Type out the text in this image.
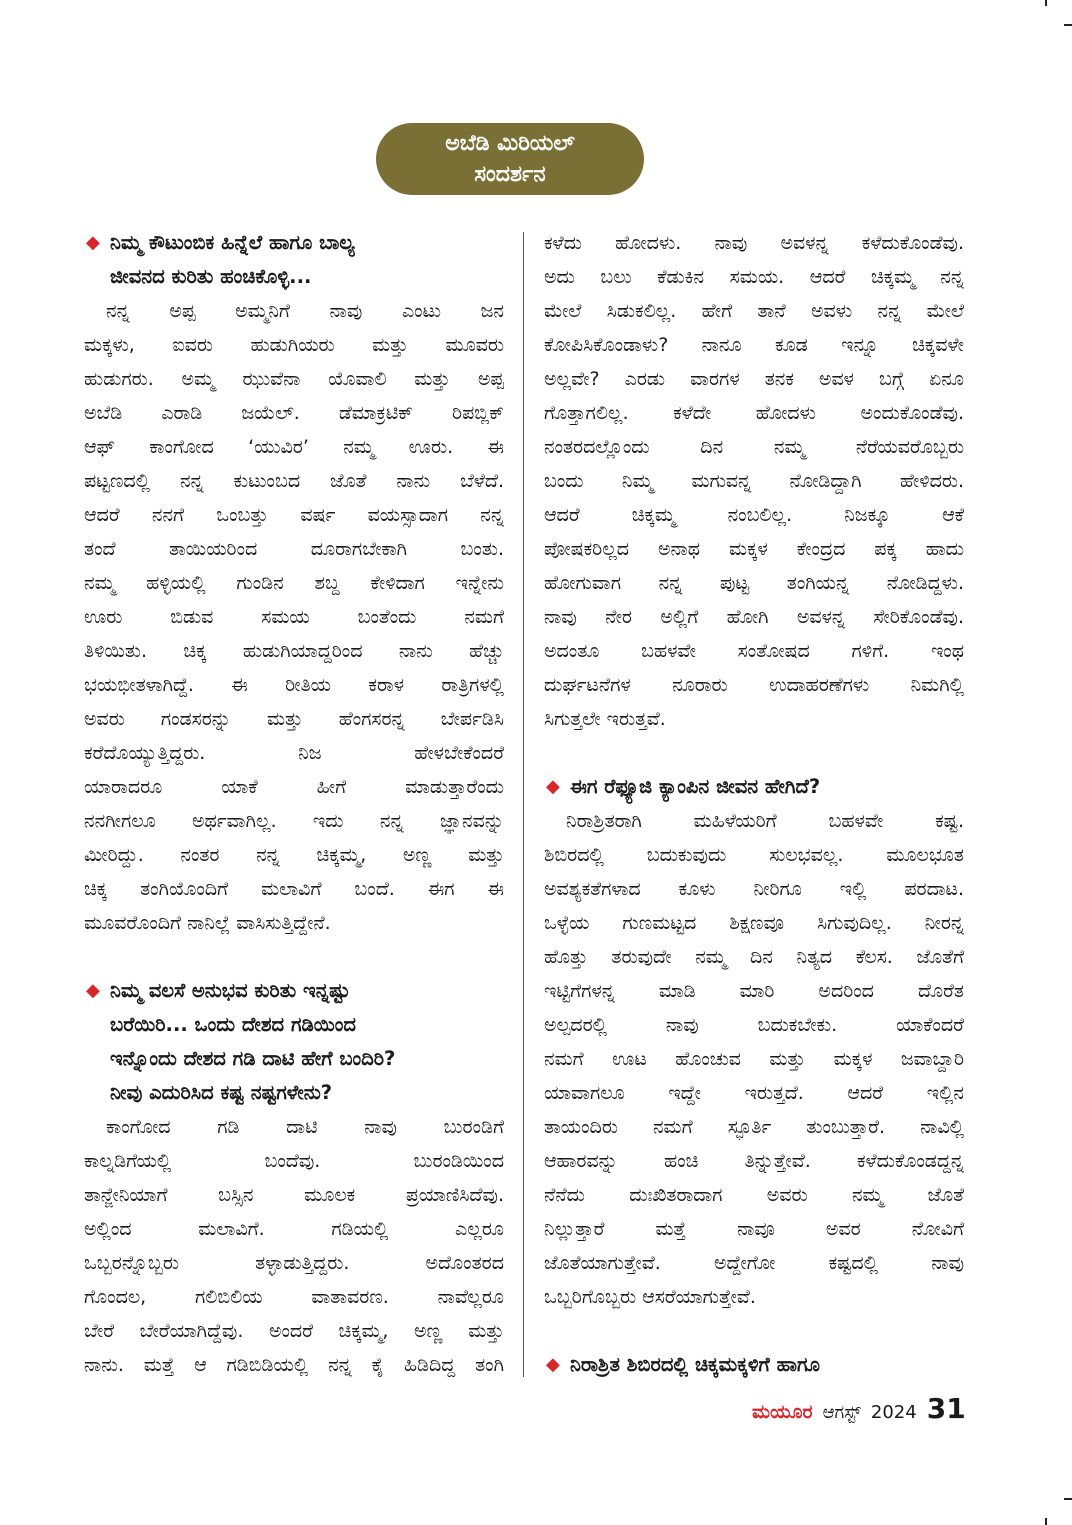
ಅಬೆಡಿ ಮಿರಿಯಲ್
ಸಂದರ್ಶನ
◆ ನಿಮ್ಮ ಕೌಟುಂಬಿಕ ಹಿನ್ನೆಲೆ ಹಾಗೂ ಬಾಲ್ಯ
ಜೀವನದ ಕುರಿತು ಹಂಚಿಕೊಳ್ಳಿ...
ನನ್ನ ಅಪ್ಪ ಅಮ್ಮನಿಗೆ ನಾವು ಎಂಟು ಜನ
ಮಕ್ಕಳು, ಐವರು ಹುಡುಗಿಯರು ಮತ್ತು ಮೂವರು
ಹುಡುಗರು. ಅಮ್ಮ ಝುವೆನಾ ಯೊವಾಲಿ ಮತ್ತು ಅಪ್ಪ
ಅಬೆಡಿ ಎರಾಡಿ ಜಯೆಲ್. ಡೆಮಾಕ್ರಟಿಕ್ ರಿಪಬ್ಲಿಕ್
ಆಫ್ ಕಾಂಗೋದ ‘ಯುವಿರ’ ನಮ್ಮ ಊರು. ಈ
ಪಟ್ಟಣದಲ್ಲಿ ನನ್ನ ಕುಟುಂಬದ ಜೊತೆ ನಾನು ಬೆಳೆದೆ.
ಆದರೆ ನನಗೆ ಒಂಬತ್ತು ವರ್ಷ ವಯಸ್ಸಾದಾಗ ನನ್ನ
ತಂದೆ ತಾಯಿಯರಿಂದ ದೂರಾಗಬೇಕಾಗಿ ಬಂತು.
ನಮ್ಮ ಹಳ್ಳಿಯಲ್ಲಿ ಗುಂಡಿನ ಶಬ್ದ ಕೇಳಿದಾಗ ಇನ್ನೇನು
ಊರು ಬಿಡುವ ಸಮಯ ಬಂತೆಂದು ನಮಗೆ
ತಿಳಿಯಿತು. ಚಿಕ್ಕ ಹುಡುಗಿಯಾದ್ದರಿಂದ ನಾನು ಹೆಚ್ಚು
ಭಯಭೀತಳಾಗಿದ್ದೆ. ಈ ರೀತಿಯ ಕರಾಳ ರಾತ್ರಿಗಳಲ್ಲಿ
ಅವರು ಗಂಡಸರನ್ನು ಮತ್ತು ಹೆಂಗಸರನ್ನ ಬೇರ್ಪಡಿಸಿ
ಕರೆದೊಯ್ಯುತ್ತಿದ್ದರು. ನಿಜ ಹೇಳಬೇಕೆಂದರೆ
ಯಾರಾದರೂ ಯಾಕೆ ಹೀಗೆ ಮಾಡುತ್ತಾರೆಂದು
ನನಗೀಗಲೂ ಅರ್ಥವಾಗಿಲ್ಲ. ಇದು ನನ್ನ ಜ್ಞಾನವನ್ನು
ಮೀರಿದ್ದು. ನಂತರ ನನ್ನ ಚಿಕ್ಕಮ್ಮ, ಅಣ್ಣ ಮತ್ತು
ಚಿಕ್ಕ ತಂಗಿಯೊಂದಿಗೆ ಮಲಾವಿಗೆ ಬಂದೆ. ಈಗ ಈ
ಮೂವರೊಂದಿಗೆ ನಾನಿಲ್ಲೆ ವಾಸಿಸುತ್ತಿದ್ದೇನೆ.
◆ ನಿಮ್ಮ ವಲಸೆ ಅನುಭವ ಕುರಿತು ಇನ್ನಷ್ಟು
ಬರೆಯಿರಿ... ಒಂದು ದೇಶದ ಗಡಿಯಿಂದ
ಇನ್ನೊಂದು ದೇಶದ ಗಡಿ ದಾಟಿ ಹೇಗೆ ಬಂದಿರಿ?
ನೀವು ಎದುರಿಸಿದ ಕಷ್ಟ ನಷ್ಟಗಳೇನು?
ಕಾಂಗೋದ ಗಡಿ ದಾಟಿ ನಾವು ಬುರಂಡಿಗೆ
ಕಾಲ್ನಡಿಗೆಯಲ್ಲಿ ಬಂದೆವು. ಬುರಂಡಿಯಿಂದ
ತಾನ್ಜೇನಿಯಾಗೆ ಬಸ್ಸಿನ ಮೂಲಕ ಪ್ರಯಾಣಿಸಿದೆವು.
ಅಲ್ಲಿಂದ ಮಲಾವಿಗೆ. ಗಡಿಯಲ್ಲಿ ಎಲ್ಲರೂ
ಒಬ್ಬರನ್ನೊಬ್ಬರು ತಳ್ಳಾಡುತ್ತಿದ್ದರು. ಅದೊಂತರದ
ಗೊಂದಲ, ಗಲಿಬಿಲಿಯ ವಾತಾವರಣ. ನಾವೆಲ್ಲರೂ
ಬೇರೆ ಬೇರೆಯಾಗಿದ್ದೆವು. ಅಂದರೆ ಚಿಕ್ಕಮ್ಮ, ಅಣ್ಣ ಮತ್ತು
ನಾನು. ಮತ್ತೆ ಆ ಗಡಿಬಿಡಿಯಲ್ಲಿ ನನ್ನ ಕೈ ಹಿಡಿದಿದ್ದ ತಂಗಿ
ಕಳೆದು ಹೋದಳು. ನಾವು ಅವಳನ್ನ ಕಳೆದುಕೊಂಡೆವು.
ಅದು ಬಲು ಕೆಡುಕಿನ ಸಮಯ. ಆದರೆ ಚಿಕ್ಕಮ್ಮ ನನ್ನ
ಮೇಲೆ ಸಿಡುಕಲಿಲ್ಲ. ಹೇಗೆ ತಾನೆ ಅವಳು ನನ್ನ ಮೇಲೆ
ಕೋಪಿಸಿಕೊಂಡಾಳು? ನಾನೂ ಕೂಡ ಇನ್ನೂ ಚಿಕ್ಕವಳೇ
ಅಲ್ಲವೇ? ಎರಡು ವಾರಗಳ ತನಕ ಅವಳ ಬಗ್ಗೆ ಏನೂ
ಗೊತ್ತಾಗಲಿಲ್ಲ. ಕಳೆದೇ ಹೋದಳು ಅಂದುಕೊಂಡೆವು.
ನಂತರದಲ್ಲೊಂದು ದಿನ ನಮ್ಮ ನೆರೆಯವರೊಬ್ಬರು
ಬಂದು ನಿಮ್ಮ ಮಗುವನ್ನ ನೋಡಿದ್ದಾಗಿ ಹೇಳಿದರು.
ಆದರೆ ಚಿಕ್ಕಮ್ಮ ನಂಬಲಿಲ್ಲ. ನಿಜಕ್ಕೂ ಆಕೆ
ಪೋಷಕರಿಲ್ಲದ ಅನಾಥ ಮಕ್ಕಳ ಕೇಂದ್ರದ ಪಕ್ಕ ಹಾದು
ಹೋಗುವಾಗ ನನ್ನ ಪುಟ್ಟ ತಂಗಿಯನ್ನ ನೋಡಿದ್ದಳು.
ನಾವು ನೇರ ಅಲ್ಲಿಗೆ ಹೋಗಿ ಅವಳನ್ನ ಸೇರಿಕೊಂಡೆವು.
ಅದಂತೂ ಬಹಳವೇ ಸಂತೋಷದ ಗಳಿಗೆ. ಇಂಥ
ದುರ್ಘಟನೆಗಳ ನೂರಾರು ಉದಾಹರಣೆಗಳು ನಿಮಗಿಲ್ಲಿ
ಸಿಗುತ್ತಲೇ ಇರುತ್ತವೆ.
◆ ಈಗ ರೆಫ್ಯೂಜಿ ಕ್ಯಾಂಪಿನ ಜೀವನ ಹೇಗಿದೆ?
ನಿರಾಶ್ರಿತರಾಗಿ ಮಹಿಳೆಯರಿಗೆ ಬಹಳವೇ ಕಷ್ಟ.
ಶಿಬಿರದಲ್ಲಿ ಬದುಕುವುದು ಸುಲಭವಲ್ಲ. ಮೂಲಭೂತ
ಅವಶ್ಯಕತೆಗಳಾದ ಕೂಳು ನೀರಿಗೂ ಇಲ್ಲಿ ಪರದಾಟ.
ಒಳ್ಳೆಯ ಗುಣಮಟ್ಟದ ಶಿಕ್ಷಣವೂ ಸಿಗುವುದಿಲ್ಲ. ನೀರನ್ನ
ಹೊತ್ತು ತರುವುದೇ ನಮ್ಮ ದಿನ ನಿತ್ಯದ ಕೆಲಸ. ಜೊತೆಗೆ
ಇಟ್ಟಿಗೆಗಳನ್ನ ಮಾಡಿ ಮಾರಿ ಅದರಿಂದ ದೊರೆತ
ಅಲ್ಪದರಲ್ಲಿ ನಾವು ಬದುಕಬೇಕು. ಯಾಕೆಂದರೆ
ನಮಗೆ ಊಟ ಹೊಂಚುವ ಮತ್ತು ಮಕ್ಕಳ ಜವಾಬ್ದಾರಿ
ಯಾವಾಗಲೂ ಇದ್ದೇ ಇರುತ್ತದೆ. ಆದರೆ ಇಲ್ಲಿನ
ತಾಯಂದಿರು ನಮಗೆ ಸ್ಫೂರ್ತಿ ತುಂಬುತ್ತಾರೆ. ನಾವಿಲ್ಲಿ
ಆಹಾರವನ್ನು ಹಂಚಿ ತಿನ್ನುತ್ತೇವೆ. ಕಳೆದುಕೊಂಡದ್ದನ್ನ
ನೆನೆದು ದುಃಖಿತರಾದಾಗ ಅವರು ನಮ್ಮ ಜೊತೆ
ನಿಲ್ಲುತ್ತಾರೆ ಮತ್ತೆ ನಾವೂ ಅವರ ನೋವಿಗೆ
ಜೊತೆಯಾಗುತ್ತೇವೆ. ಅದ್ದೇಗೋ ಕಷ್ಟದಲ್ಲಿ ನಾವು
ಒಬ್ಬರಿಗೊಬ್ಬರು ಆಸರೆಯಾಗುತ್ತೇವೆ.
◆ ನಿರಾಶ್ರಿತ ಶಿಬಿರದಲ್ಲಿ ಚಿಕ್ಕಮಕ್ಕಳಿಗೆ ಹಾಗೂ
ಮಯೂರ ಆಗಸ್ಟ್ 2024 31
